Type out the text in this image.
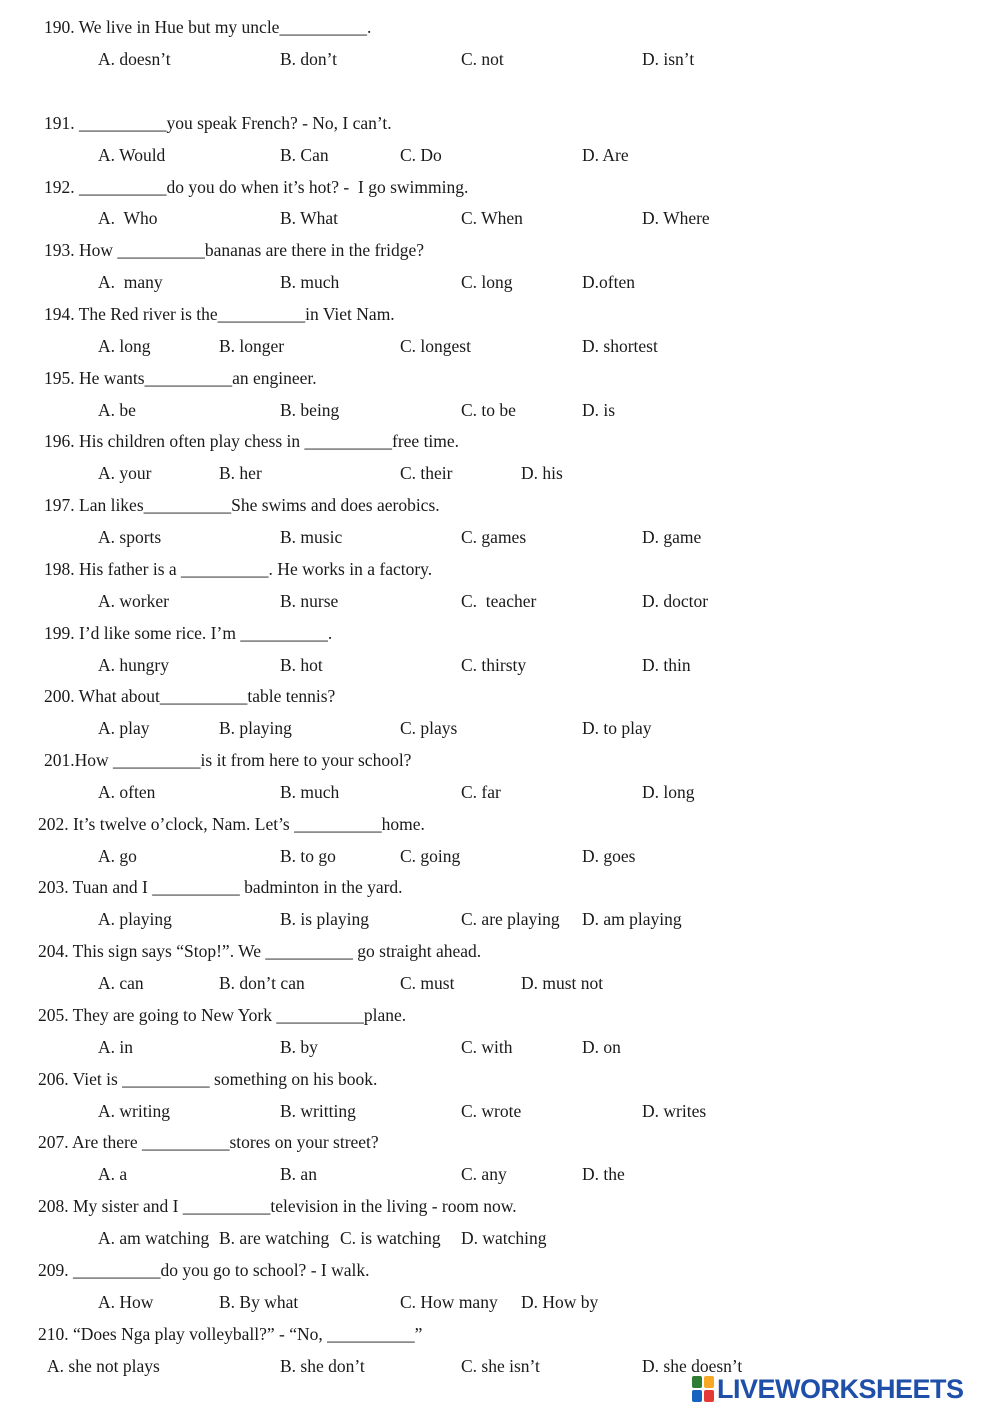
190. We live in Hue but my uncle__________.
A. doesn’t	B. don’t	C. not	D. isn’t
191. __________you speak French? - No, I can’t.
A. Would	B. Can	C. Do	D. Are
192. __________do you do when it’s hot? -  I go swimming.
A.  Who	B. What	C. When	D. Where
193. How __________bananas are there in the fridge?
A.  many	B. much	C. long	D.often
194. The Red river is the__________in Viet Nam.
A. long	B. longer	C. longest	D. shortest
195. He wants__________an engineer.
A. be	B. being	C. to be	D. is
196. His children often play chess in __________free time.
A. your	B. her	C. their	D. his
197. Lan likes__________She swims and does aerobics.
A. sports	B. music	C. games	D. game
198. His father is a __________. He works in a factory.
A. worker	B. nurse	C.  teacher	D. doctor
199. I’d like some rice. I’m __________.
A. hungry	B. hot	C. thirsty	D. thin
200. What about__________table tennis?
A. play	B. playing	C. plays	D. to play
201.How __________is it from here to your school?
A. often	B. much	C. far	D. long
202. It’s twelve o’clock, Nam. Let’s __________home.
A. go	B. to go	C. going	D. goes
203. Tuan and I __________ badminton in the yard.
A. playing	B. is playing	C. are playing D. am playing
204. This sign says “Stop!”. We __________ go straight ahead.
A. can	B. don’t can	C. must	D. must not
205. They are going to New York __________plane.
A. in	B. by	C. with	D. on
206. Viet is __________ something on his book.
A. writing	B. writting	C. wrote	D. writes
207. Are there __________stores on your street?
A. a	B. an	C. any	D. the
208. My sister and I __________television in the living - room now.
A. am watching B. are watching C. is watching D. watching
209. __________do you go to school? - I walk.
A. How	B. By what	C. How many D. How by
210. “Does Nga play volleyball?” - “No, __________”
A. she not plays	B. she don’t	C. she isn’t	D. she doesn’t
LIVEWORKSHEETS
